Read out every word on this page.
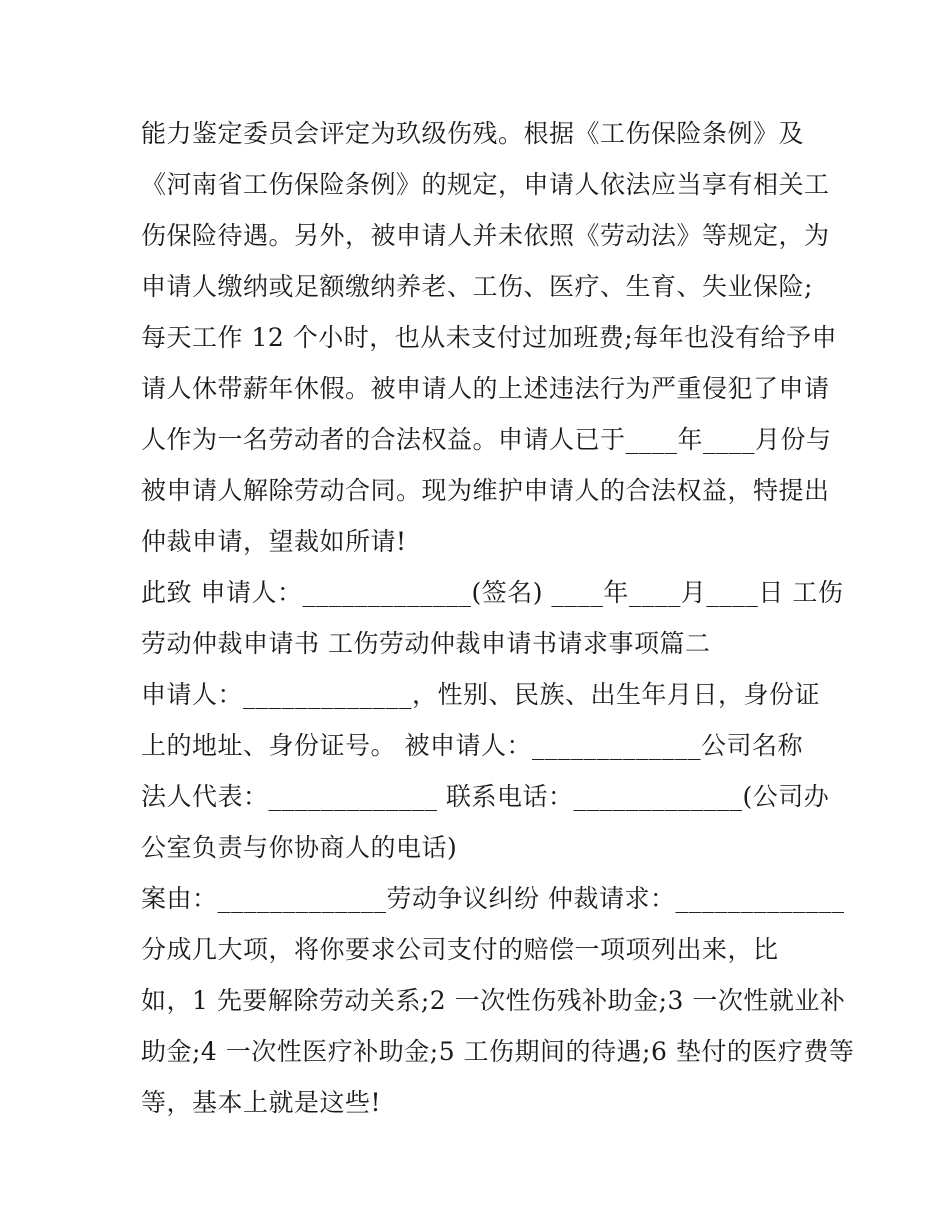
能力鉴定委员会评定为玖级伤残。根据《工伤保险条例》及
《河南省工伤保险条例》的规定，申请人依法应当享有相关工
伤保险待遇。另外，被申请人并未依照《劳动法》等规定，为
申请人缴纳或足额缴纳养老、工伤、医疗、生育、失业保险;
每天工作 12 个小时，也从未支付过加班费;每年也没有给予申
请人休带薪年休假。被申请人的上述违法行为严重侵犯了申请
人作为一名劳动者的合法权益。申请人已于____年____月份与
被申请人解除劳动合同。现为维护申请人的合法权益，特提出
仲裁申请，望裁如所请!
此致 申请人：_____________(签名) ____年____月____日 工伤
劳动仲裁申请书 工伤劳动仲裁申请书请求事项篇二
申请人：_____________，性别、民族、出生年月日，身份证
上的地址、身份证号。 被申请人：_____________公司名称
法人代表：_____________ 联系电话：_____________(公司办
公室负责与你协商人的电话)
案由：_____________劳动争议纠纷 仲裁请求：_____________
分成几大项，将你要求公司支付的赔偿一项项列出来，比
如，1 先要解除劳动关系;2 一次性伤残补助金;3 一次性就业补
助金;4 一次性医疗补助金;5 工伤期间的待遇;6 垫付的医疗费等
等，基本上就是这些!
